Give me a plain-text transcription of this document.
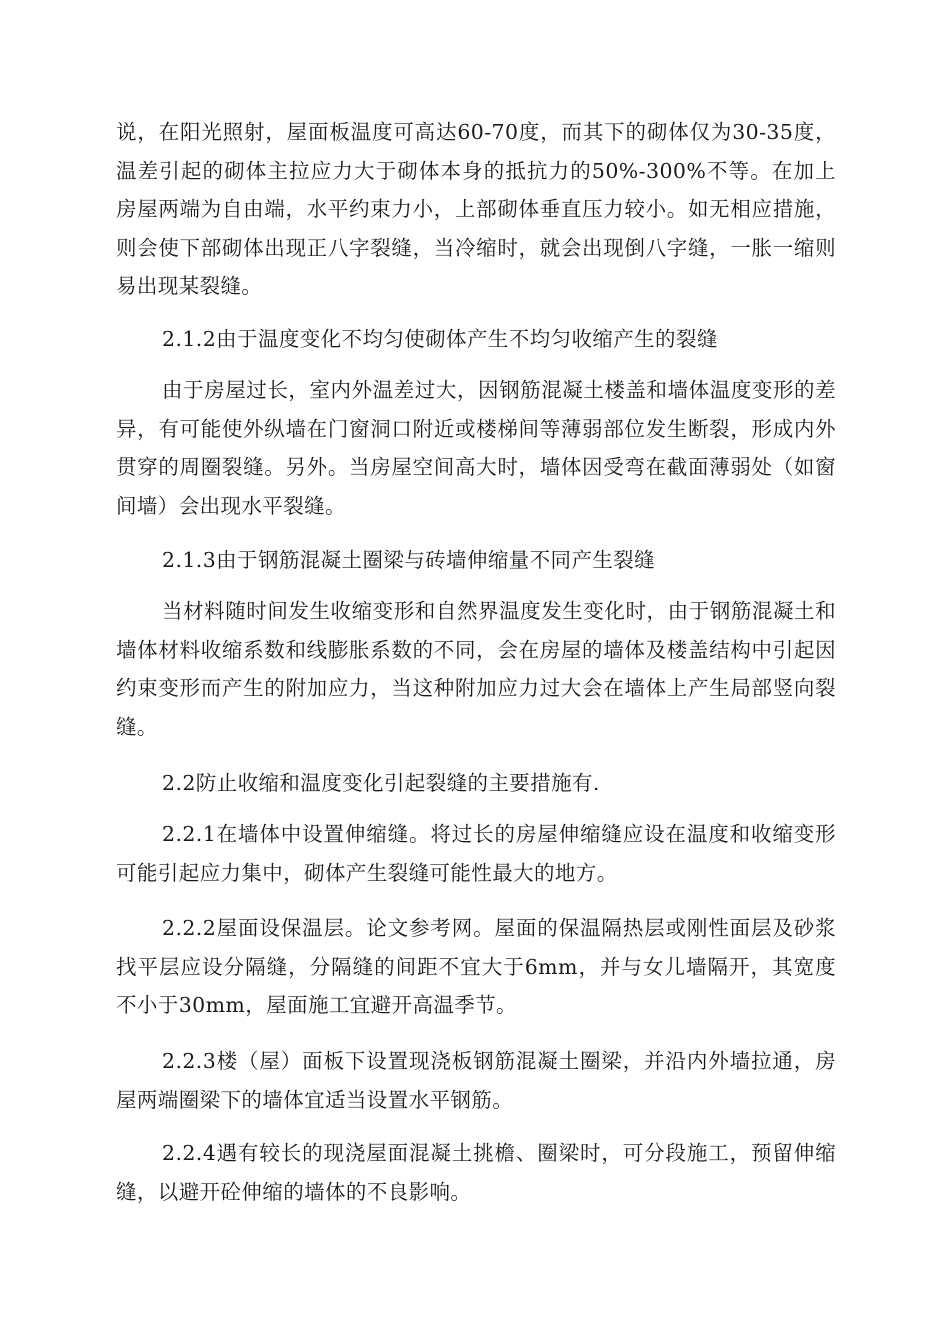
说，在阳光照射，屋面板温度可高达60-70度，而其下的砌体仅为30-35度，温差引起的砌体主拉应力大于砌体本身的抵抗力的50%-300%不等。在加上房屋两端为自由端，水平约束力小，上部砌体垂直压力较小。如无相应措施，则会使下部砌体出现正八字裂缝，当冷缩时，就会出现倒八字缝，一胀一缩则易出现某裂缝。

2.1.2由于温度变化不均匀使砌体产生不均匀收缩产生的裂缝

由于房屋过长，室内外温差过大，因钢筋混凝土楼盖和墙体温度变形的差异，有可能使外纵墙在门窗洞口附近或楼梯间等薄弱部位发生断裂，形成内外贯穿的周圈裂缝。另外。当房屋空间高大时，墙体因受弯在截面薄弱处（如窗间墙）会出现水平裂缝。

2.1.3由于钢筋混凝土圈梁与砖墙伸缩量不同产生裂缝

当材料随时间发生收缩变形和自然界温度发生变化时，由于钢筋混凝土和墙体材料收缩系数和线膨胀系数的不同，会在房屋的墙体及楼盖结构中引起因约束变形而产生的附加应力，当这种附加应力过大会在墙体上产生局部竖向裂缝。

2.2防止收缩和温度变化引起裂缝的主要措施有.

2.2.1在墙体中设置伸缩缝。将过长的房屋伸缩缝应设在温度和收缩变形可能引起应力集中，砌体产生裂缝可能性最大的地方。

2.2.2屋面设保温层。论文参考网。屋面的保温隔热层或刚性面层及砂浆找平层应设分隔缝，分隔缝的间距不宜大于6mm，并与女儿墙隔开，其宽度不小于30mm，屋面施工宜避开高温季节。

2.2.3楼（屋）面板下设置现浇板钢筋混凝土圈梁，并沿内外墙拉通，房屋两端圈梁下的墙体宜适当设置水平钢筋。

2.2.4遇有较长的现浇屋面混凝土挑檐、圈梁时，可分段施工，预留伸缩缝，以避开砼伸缩的墙体的不良影响。
